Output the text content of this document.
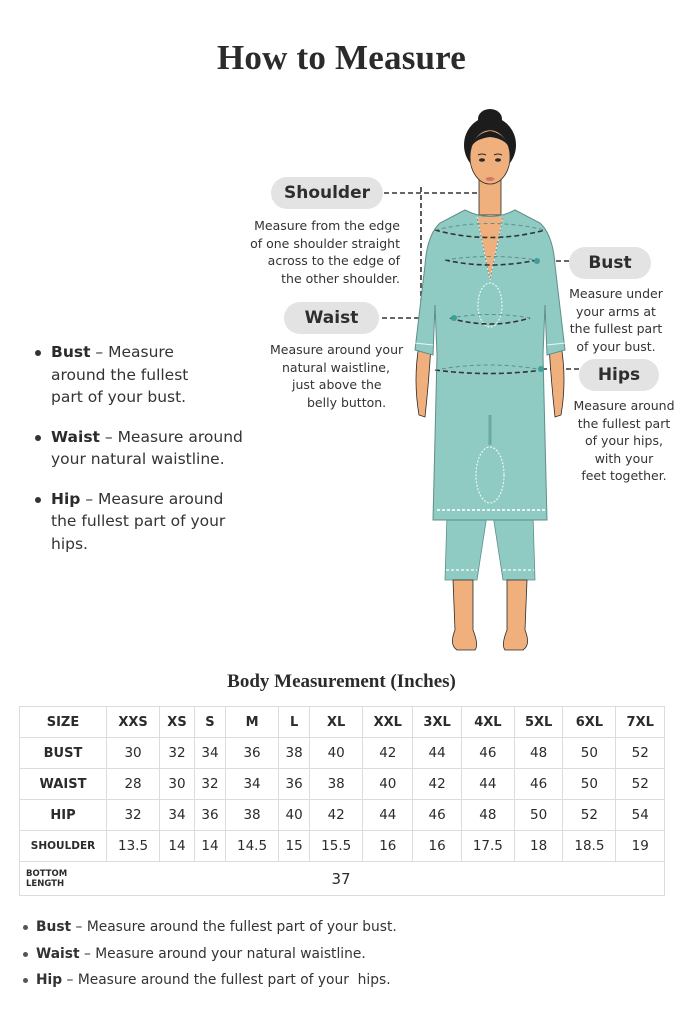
How to Measure
Bust – Measure
around the fullest
part of your bust.
Waist – Measure around
your natural waistline.
Hip – Measure around
the fullest part of your hips.
Shoulder
Measure from the edge
of one shoulder straight
across to the edge of
the other shoulder.
Waist
Measure around your
natural waistline,
just above the
belly button.
Bust
Measure under
your arms at
the fullest part
of your bust.
Hips
Measure around
the fullest part
of your hips,
with your
feet together.
Body Measurement (Inches)
SIZE	XXS	XS	S	M	L	XL	XXL	3XL	4XL	5XL	6XL	7XL
BUST	30	32	34	36	38	40	42	44	46	48	50	52
WAIST	28	30	32	34	36	38	40	42	44	46	50	52
HIP	32	34	36	38	40	42	44	46	48	50	52	54
SHOULDER	13.5	14	14	14.5	15	15.5	16	16	17.5	18	18.5	19
BOTTOM LENGTH	37											
Bust – Measure around the fullest part of your bust.
Waist – Measure around your natural waistline.
Hip – Measure around the fullest part of your  hips.
